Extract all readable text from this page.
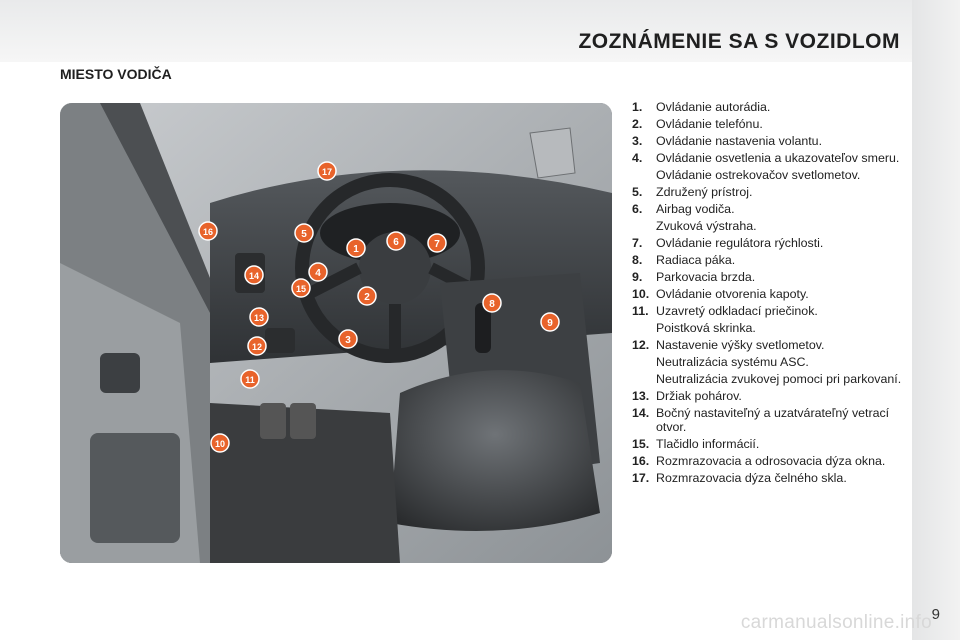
ZOZNÁMENIE SA S VOZIDLOM
MIESTO VODIČA
1
2
3
4
5
6	7
8
9
10
11
12
13
14
15
16
17
1.	Ovládanie autorádia.
2.	Ovládanie telefónu.
3.	Ovládanie nastavenia volantu.
4.	Ovládanie osvetlenia a ukazovateľov smeru.
Ovládanie ostrekovačov svetlometov.
5.	Združený prístroj.
6.	Airbag vodiča.
Zvuková výstraha.
7.	Ovládanie regulátora rýchlosti.
8.	Radiaca páka.
9.	Parkovacia brzda.
10. Ovládanie otvorenia kapoty.
11. Uzavretý odkladací priečinok.
Poistková skrinka.
12. Nastavenie výšky svetlometov.
Neutralizácia systému ASC.
Neutralizácia zvukovej pomoci pri parkovaní.
13. Držiak pohárov.
14. Bočný nastaviteľný a uzatvárateľný vetrací otvor.
15. Tlačidlo informácií.
16. Rozmrazovacia a odrosovacia dýza okna.
17. Rozmrazovacia dýza čelného skla.
carmanualsonline.info 9
